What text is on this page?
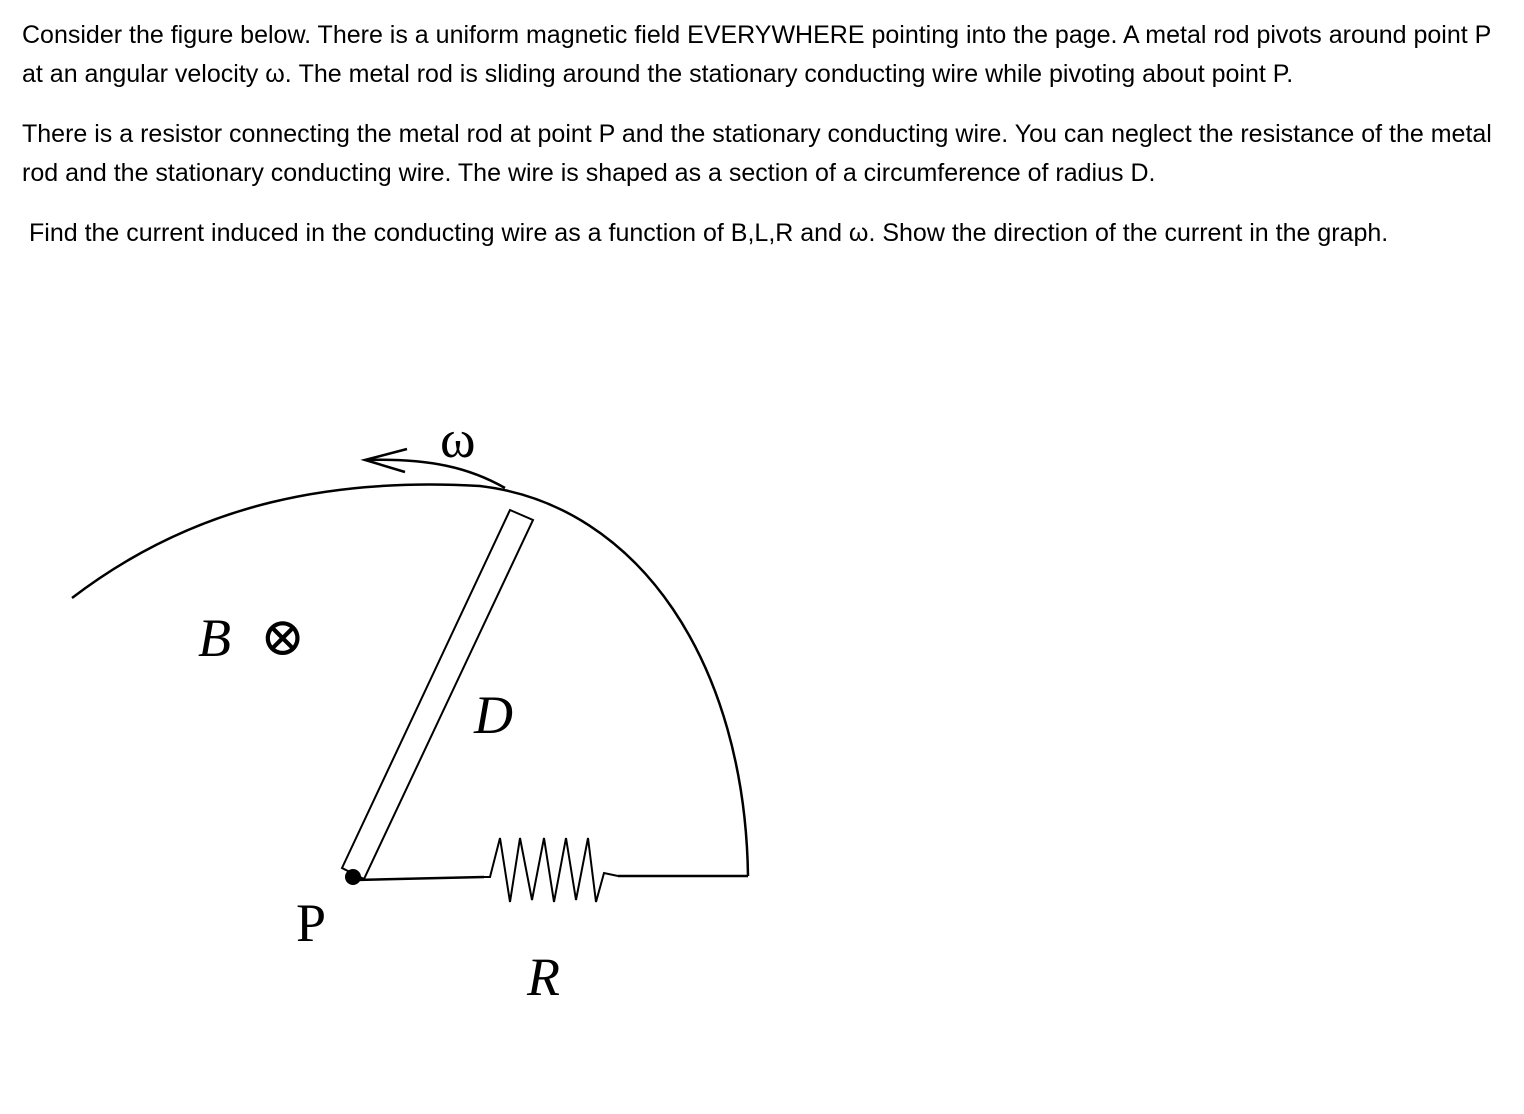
Consider the figure below. There is a uniform magnetic field EVERYWHERE pointing into the page. A metal rod pivots around point P at an angular velocity ω. The metal rod is sliding around the stationary conducting wire while pivoting about point P.

There is a resistor connecting the metal rod at point P and the stationary conducting wire. You can neglect the resistance of the metal rod and the stationary conducting wire. The wire is shaped as a section of a circumference of radius D.

Find the current induced in the conducting wire as a function of B,L,R and ω. Show the direction of the current in the graph.

ω
B ⊗
D
P
R
